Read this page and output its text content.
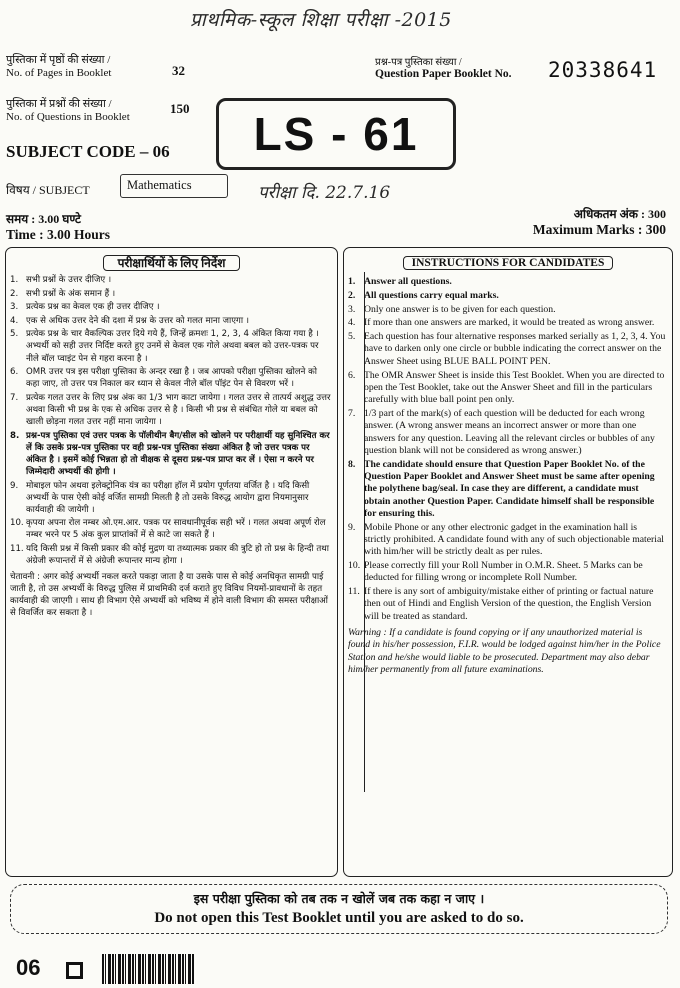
प्राथमिक-स्कूल शिक्षा परीक्षा -2015
पुस्तिका में पृष्ठों की संख्या /
No. of Pages in Booklet	32
पुस्तिका में प्रश्नों की संख्या /
No. of Questions in Booklet
150
प्रश्न-पत्र पुस्तिका संख्या /
Question Paper Booklet No. 20338641
LS - 61
SUBJECT CODE – 06
विषय / SUBJECT	Mathematics	परीक्षा दि. 22.7.16
समय : 3.00 घण्टे
Time : 3.00 Hours
अधिकतम अंक : 300
Maximum Marks : 300
परीक्षार्थियों के लिए निर्देश
1. सभी प्रश्नों के उत्तर दीजिए ।
2. सभी प्रश्नों के अंक समान हैं ।
3. प्रत्येक प्रश्न का केवल एक ही उत्तर दीजिए ।
4. एक से अधिक उत्तर देने की दशा में प्रश्न के उत्तर को गलत माना जाएगा ।
5. प्रत्येक प्रश्न के चार वैकल्पिक उत्तर दिये गये हैं, जिन्हें क्रमशः 1, 2, 3, 4 अंकित किया गया है । अभ्यर्थी को सही उत्तर निर्दिष्ट करते हुए उनमें से केवल एक गोले अथवा बबल को उत्तर-पत्रक पर नीले बॉल प्वाइंट पेन से गहरा करना है ।
6. OMR उत्तर पत्र इस परीक्षा पुस्तिका के अन्दर रखा है । जब आपको परीक्षा पुस्तिका खोलने को कहा जाए, तो उत्तर पत्र निकाल कर ध्यान से केवल नीले बॉल पॉइंट पेन से विवरण भरें ।
7. प्रत्येक गलत उत्तर के लिए प्रश्न अंक का 1/3 भाग काटा जायेगा । गलत उत्तर से तात्पर्य अशुद्ध उत्तर अथवा किसी भी प्रश्न के एक से अधिक उत्तर से है । किसी भी प्रश्न से संबंधित गोले या बबल को खाली छोड़ना गलत उत्तर नहीं माना जायेगा ।
8. प्रश्न-पत्र पुस्तिका एवं उत्तर पत्रक के पॉलीथीन बैग/सील को खोलने पर परीक्षार्थी यह सुनिश्चित कर लें कि उसके प्रश्न-पत्र पुस्तिका पर वही प्रश्न-पत्र पुस्तिका संख्या अंकित है जो उत्तर पत्रक पर अंकित है । इसमें कोई भिन्नता हो तो वीक्षक से दूसरा प्रश्न-पत्र प्राप्त कर लें । ऐसा न करने पर जिम्मेदारी अभ्यर्थी की होगी ।
9. मोबाइल फोन अथवा इलेक्ट्रोनिक यंत्र का परीक्षा हॉल में प्रयोग पूर्णतया वर्जित है । यदि किसी अभ्यर्थी के पास ऐसी कोई वर्जित सामग्री मिलती है तो उसके विरुद्ध आयोग द्वारा नियमानुसार कार्यवाही की जायेगी ।
10. कृपया अपना रोल नम्बर ओ.एम.आर. पत्रक पर सावधानीपूर्वक सही भरें । गलत अथवा अपूर्ण रोल नम्बर भरने पर 5 अंक कुल प्राप्तांकों में से काटे जा सकते हैं ।
11. यदि किसी प्रश्न में किसी प्रकार की कोई मुद्रण या तथ्यात्मक प्रकार की त्रुटि हो तो प्रश्न के हिन्दी तथा अंग्रेजी रूपान्तरों में से अंग्रेजी रूपान्तर मान्य होगा ।
चेतावनी : अगर कोई अभ्यर्थी नकल करते पकड़ा जाता है या उसके पास से कोई अनधिकृत सामग्री पाई जाती है, तो उस अभ्यर्थी के विरुद्ध पुलिस में प्राथमिकी दर्ज कराते हुए विविध नियमों-प्रावधानों के तहत कार्यवाही की जाएगी । साथ ही विभाग ऐसे अभ्यर्थी को भविष्य में होने वाली विभाग की समस्त परीक्षाओं से विवर्जित कर सकता है ।
INSTRUCTIONS FOR CANDIDATES
1. Answer all questions.
2. All questions carry equal marks.
3. Only one answer is to be given for each question.
4. If more than one answers are marked, it would be treated as wrong answer.
5. Each question has four alternative responses marked serially as 1, 2, 3, 4. You have to darken only one circle or bubble indicating the correct answer on the Answer Sheet using BLUE BALL POINT PEN.
6. The OMR Answer Sheet is inside this Test Booklet. When you are directed to open the Test Booklet, take out the Answer Sheet and fill in the particulars carefully with blue ball point pen only.
7. 1/3 part of the mark(s) of each question will be deducted for each wrong answer. (A wrong answer means an incorrect answer or more than one answers for any question. Leaving all the relevant circles or bubbles of any question blank will not be considered as wrong answer.)
8. The candidate should ensure that Question Paper Booklet No. of the Question Paper Booklet and Answer Sheet must be same after opening the polythene bag/seal. In case they are different, a candidate must obtain another Question Paper. Candidate himself shall be responsible for ensuring this.
9. Mobile Phone or any other electronic gadget in the examination hall is strictly prohibited. A candidate found with any of such objectionable material with him/her will be strictly dealt as per rules.
10. Please correctly fill your Roll Number in O.M.R. Sheet. 5 Marks can be deducted for filling wrong or incomplete Roll Number.
11. If there is any sort of ambiguity/mistake either of printing or factual nature then out of Hindi and English Version of the question, the English Version will be treated as standard.
Warning : If a candidate is found copying or if any unauthorized material is found in his/her possession, F.I.R. would be lodged against him/her in the Police Station and he/she would liable to be prosecuted. Department may also debar him/her permanently from all future examinations.
इस परीक्षा पुस्तिका को तब तक न खोलें जब तक कहा न जाए ।
Do not open this Test Booklet until you are asked to do so.
06
